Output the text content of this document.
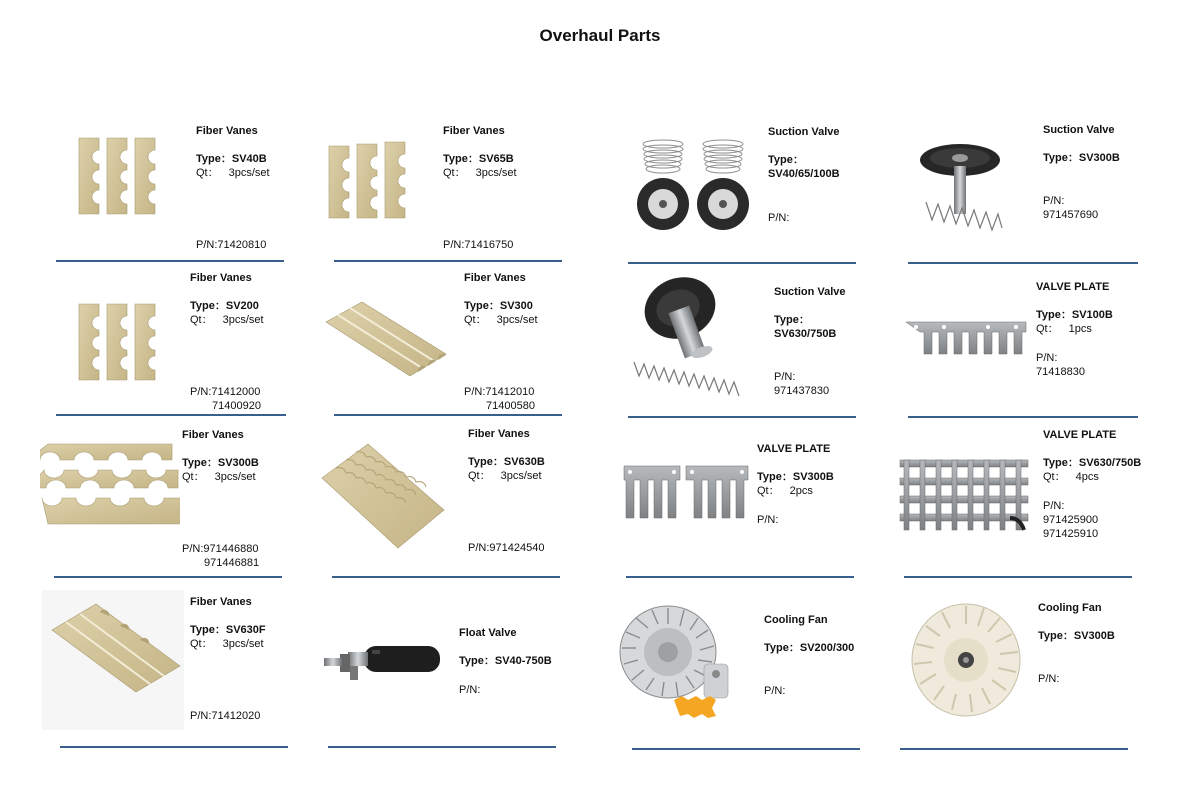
Overhaul Parts
Fiber Vanes
Type：SV40B
Qt： 3pcs/set
P/N:71420810
Fiber Vanes
Type：SV65B
Qt： 3pcs/set
P/N:71416750
Suction Valve
Type：
SV40/65/100B
P/N:
Suction Valve
Type：SV300B
P/N:
971457690
Fiber Vanes
Type：SV200
Qt： 3pcs/set
P/N:71412000
71400920
Fiber Vanes
Type：SV300
Qt： 3pcs/set
P/N:71412010
71400580
Suction Valve
Type：
SV630/750B
P/N:
971437830
VALVE PLATE
Type：SV100B
Qt： 1pcs
P/N:
71418830
Fiber Vanes
Type：SV300B
Qt： 3pcs/set
P/N:971446880
971446881
Fiber Vanes
Type：SV630B
Qt： 3pcs/set
P/N:971424540
VALVE PLATE
Type：SV300B
Qt： 2pcs
P/N:
VALVE PLATE
Type：SV630/750B
Qt： 4pcs
P/N:
971425900
971425910
Fiber Vanes
Type：SV630F
Qt： 3pcs/set
P/N:71412020
Float Valve
Type：SV40-750B
P/N:
Cooling Fan
Type：SV200/300
P/N:
Cooling Fan
Type：SV300B
P/N:
